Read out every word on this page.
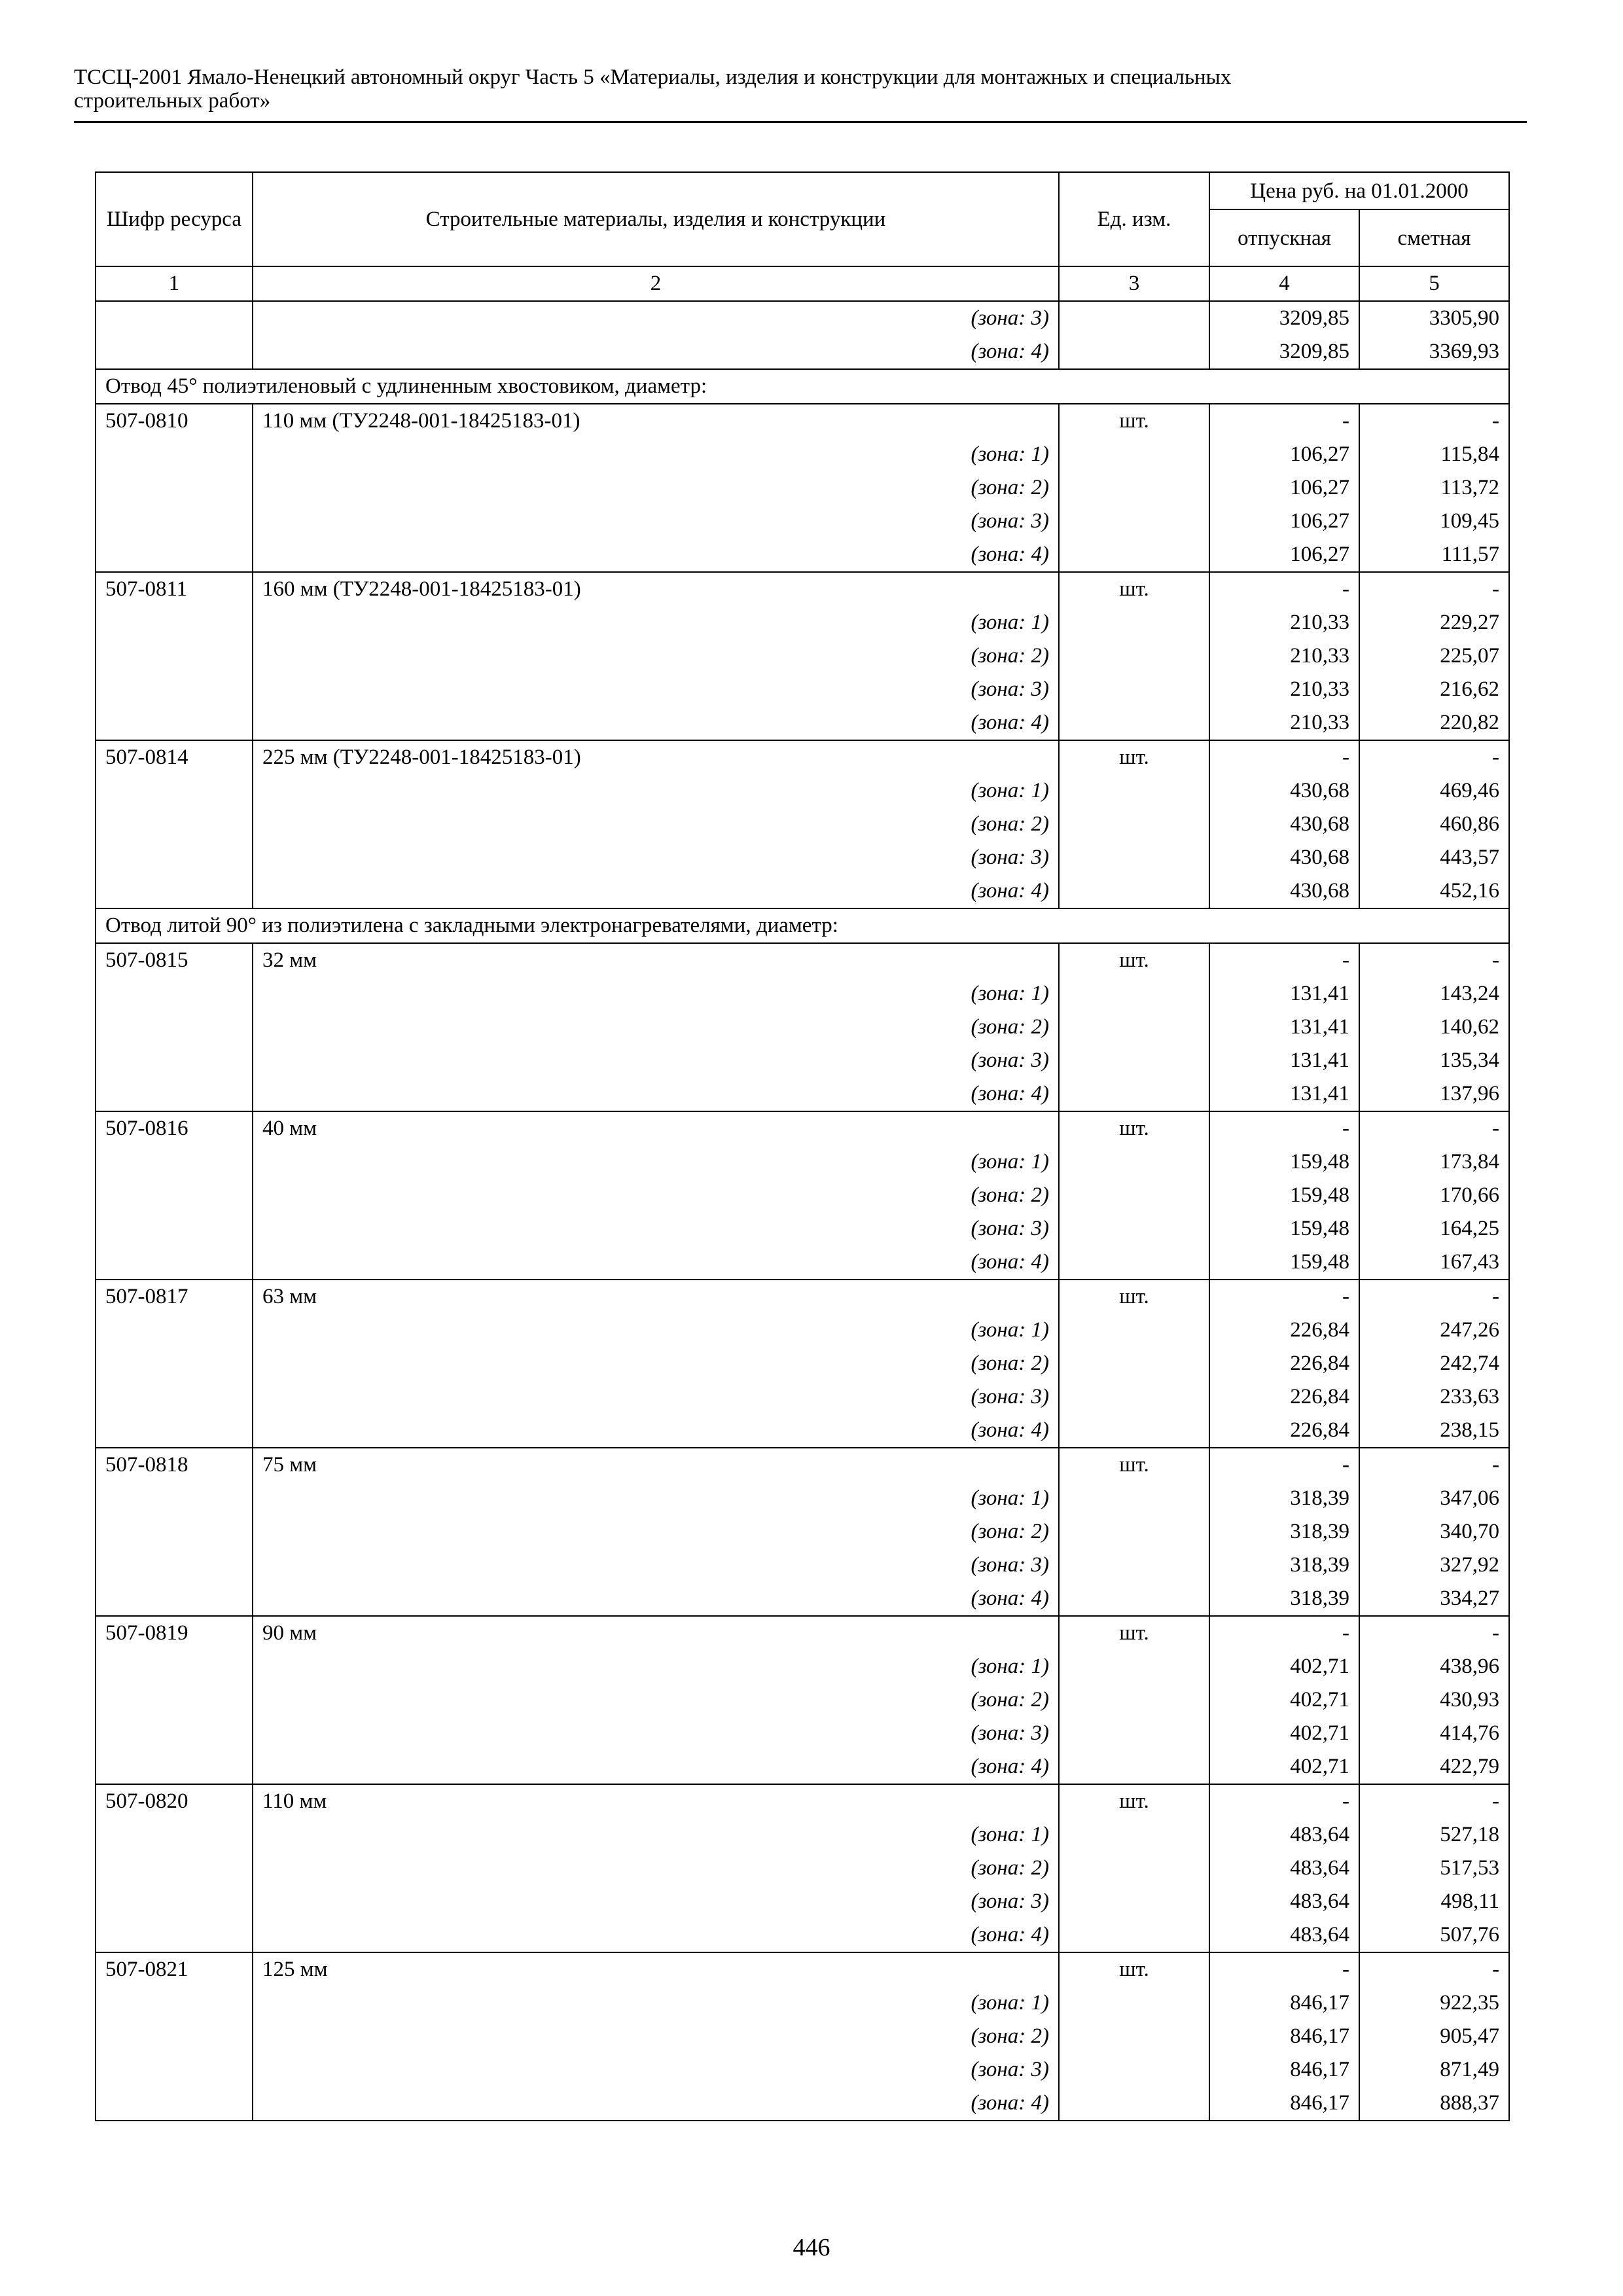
ТССЦ-2001 Ямало-Ненецкий автономный округ Часть 5 «Материалы, изделия и конструкции для монтажных и специальных
строительных работ»
Шифр ресурса	Строительные материалы, изделия и конструкции	Ед. изм.	Цена руб. на 01.01.2000	
			отпускная	сметная
1	2	3	4	5
	(зона: 3)		3209,85	3305,90
	(зона: 4)		3209,85	3369,93
Отвод 45° полиэтиленовый с удлиненным хвостовиком, диаметр:				
507-0810	110 мм (ТУ2248-001-18425183-01)	шт.	-	-
	(зона: 1)		106,27	115,84
	(зона: 2)		106,27	113,72
	(зона: 3)		106,27	109,45
	(зона: 4)		106,27	111,57
507-0811	160 мм (ТУ2248-001-18425183-01)	шт.	-	-
	(зона: 1)		210,33	229,27
	(зона: 2)		210,33	225,07
	(зона: 3)		210,33	216,62
	(зона: 4)		210,33	220,82
507-0814	225 мм (ТУ2248-001-18425183-01)	шт.	-	-
	(зона: 1)		430,68	469,46
	(зона: 2)		430,68	460,86
	(зона: 3)		430,68	443,57
	(зона: 4)		430,68	452,16
Отвод литой 90° из полиэтилена с закладными электронагревателями, диаметр:				
507-0815	32 мм	шт.	-	-
	(зона: 1)		131,41	143,24
	(зона: 2)		131,41	140,62
	(зона: 3)		131,41	135,34
	(зона: 4)		131,41	137,96
507-0816	40 мм	шт.	-	-
	(зона: 1)		159,48	173,84
	(зона: 2)		159,48	170,66
	(зона: 3)		159,48	164,25
	(зона: 4)		159,48	167,43
507-0817	63 мм	шт.	-	-
	(зона: 1)		226,84	247,26
	(зона: 2)		226,84	242,74
	(зона: 3)		226,84	233,63
	(зона: 4)		226,84	238,15
507-0818	75 мм	шт.	-	-
	(зона: 1)		318,39	347,06
	(зона: 2)		318,39	340,70
	(зона: 3)		318,39	327,92
	(зона: 4)		318,39	334,27
507-0819	90 мм	шт.	-	-
	(зона: 1)		402,71	438,96
	(зона: 2)		402,71	430,93
	(зона: 3)		402,71	414,76
	(зона: 4)		402,71	422,79
507-0820	110 мм	шт.	-	-
	(зона: 1)		483,64	527,18
	(зона: 2)		483,64	517,53
	(зона: 3)		483,64	498,11
	(зона: 4)		483,64	507,76
507-0821	125 мм	шт.	-	-
	(зона: 1)		846,17	922,35
	(зона: 2)		846,17	905,47
	(зона: 3)		846,17	871,49
	(зона: 4)		846,17	888,37
446
